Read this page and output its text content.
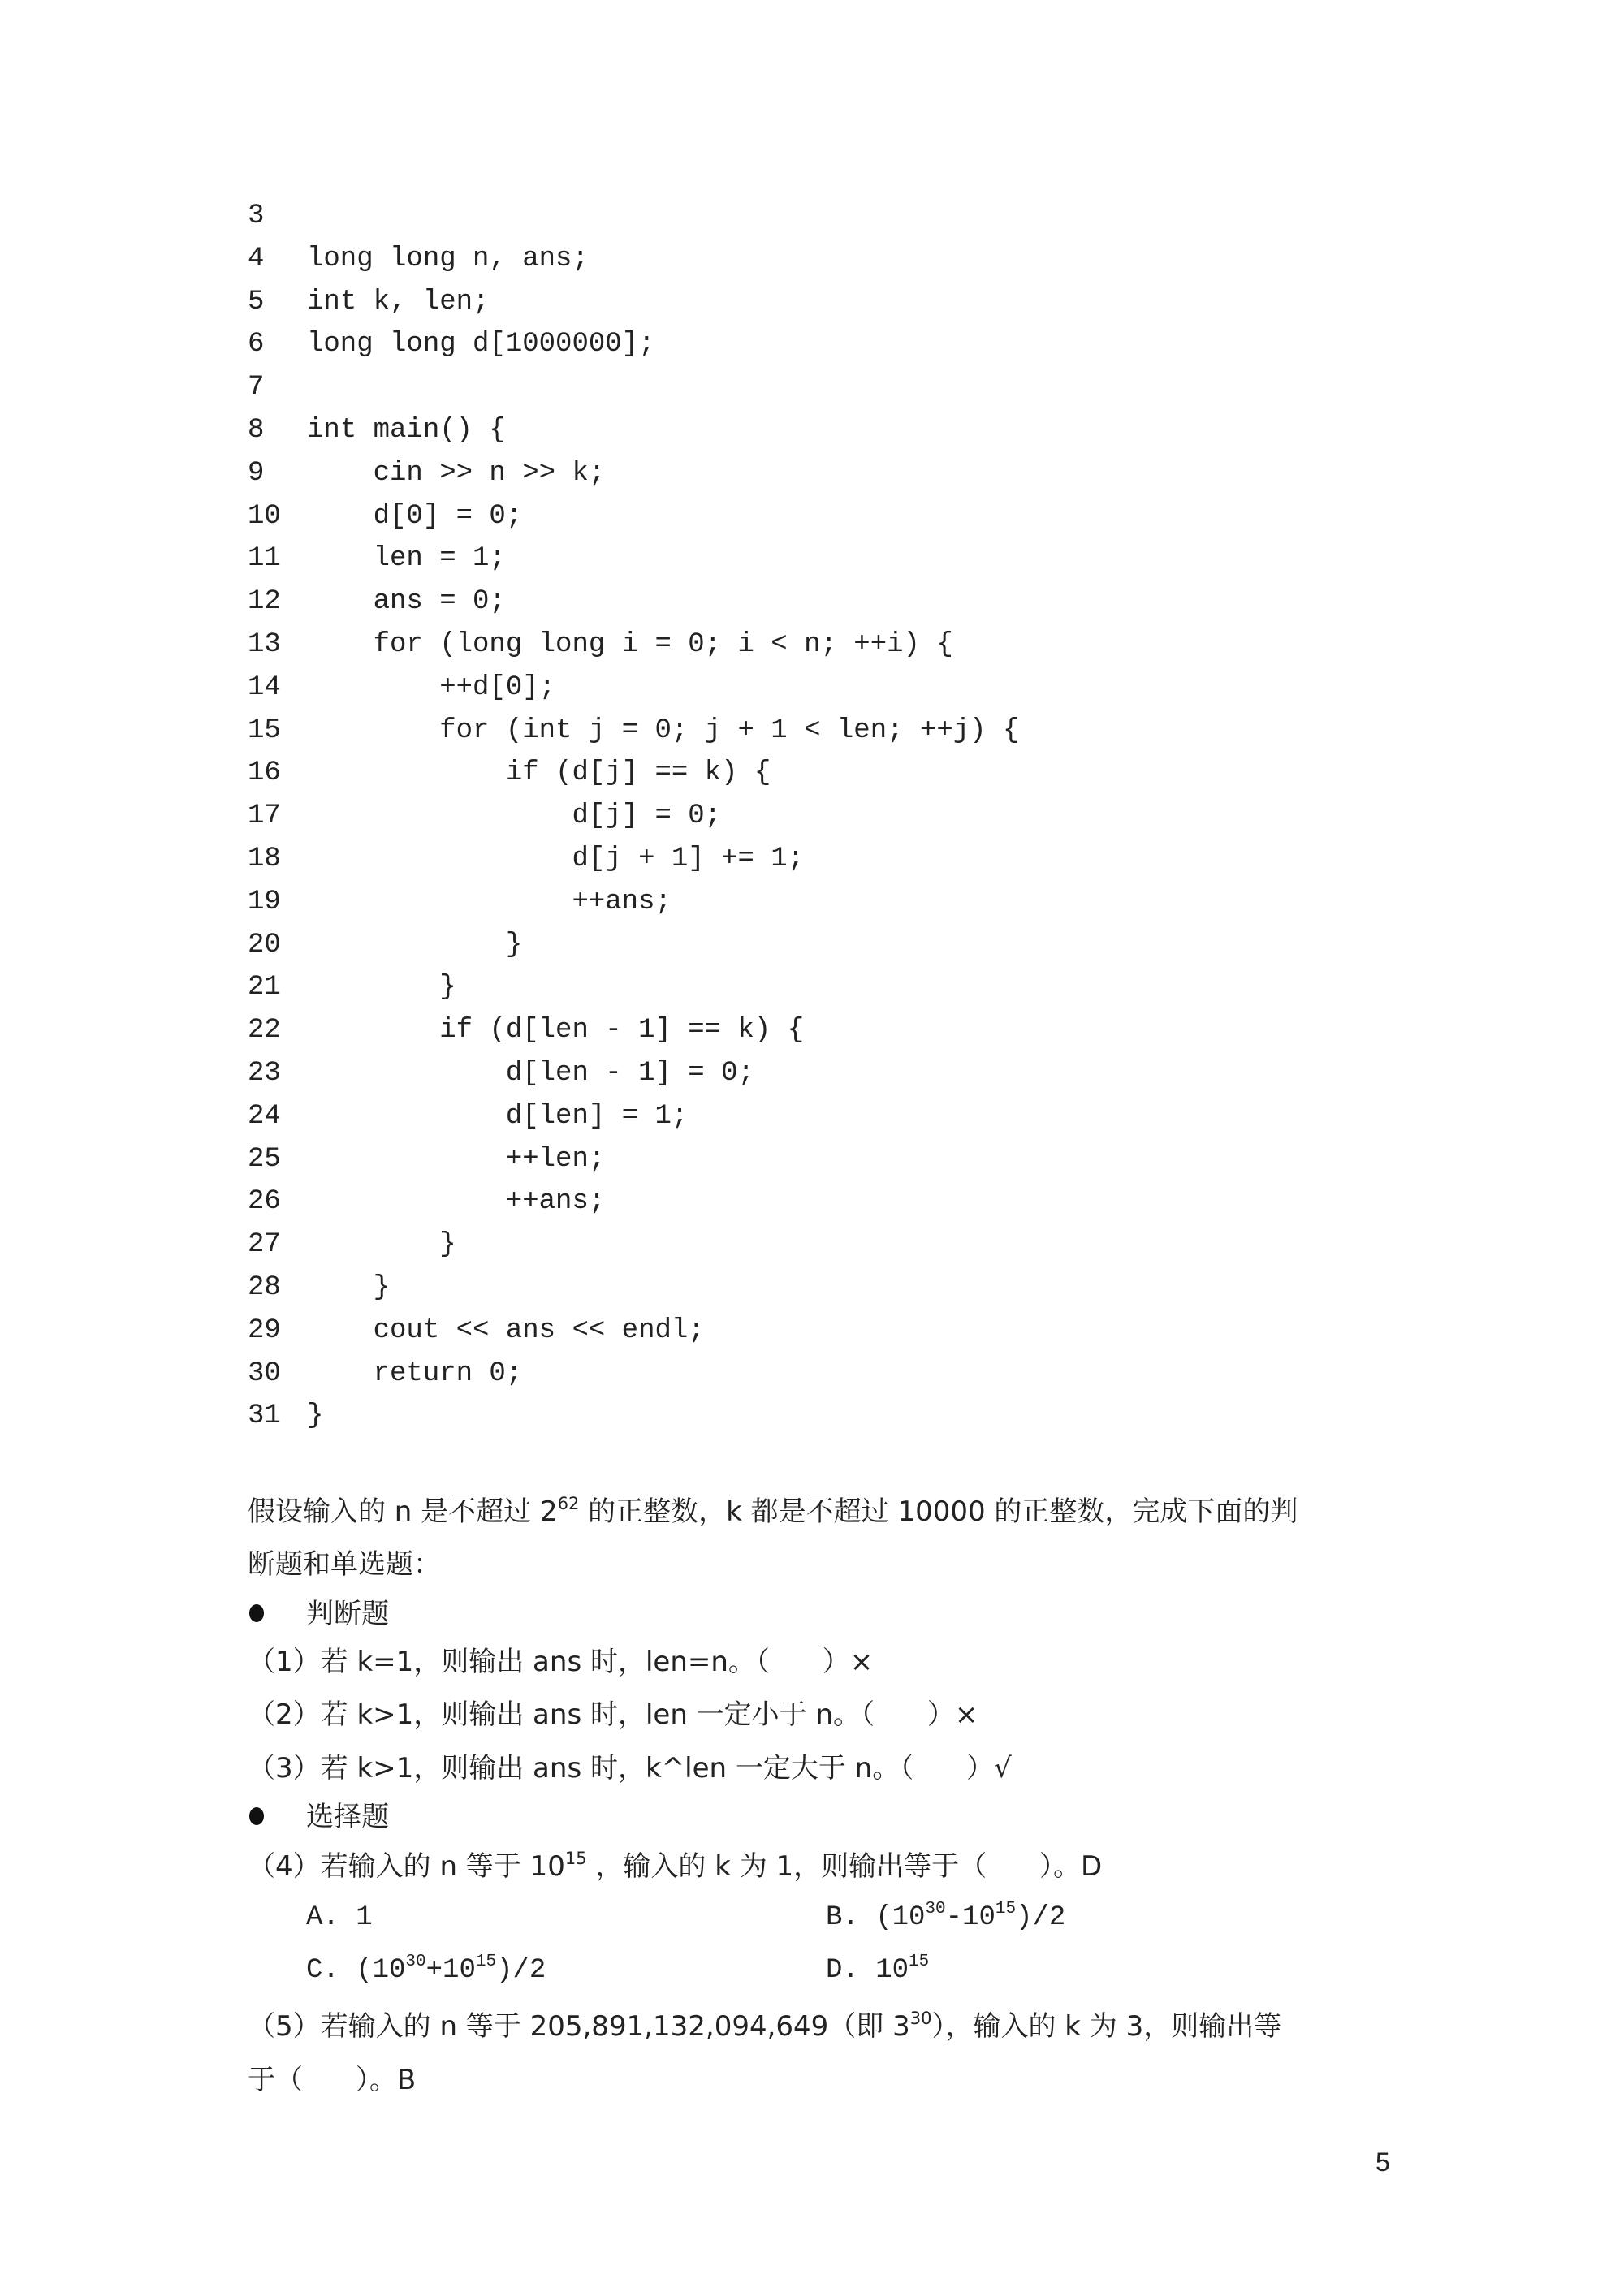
3
4	long long n, ans;
5	int k, len;
6	long long d[1000000];
7
8	int main() {
9	cin >> n >> k;
10 d[0] = 0;
11 len = 1;
12 ans = 0;
13 for (long long i = 0; i < n; ++i) {
14 ++d[0];
15 for (int j = 0; j + 1 < len; ++j) {
16 if (d[j] == k) {
17 d[j] = 0;
18 d[j + 1] += 1;
19 ++ans;
20 }
21 }
22 if (d[len - 1] == k) {
23 d[len - 1] = 0;
24 d[len] = 1;
25 ++len;
26 ++ans;
27 }
28 }
29 cout << ans << endl;
30 return 0;
31 }
假设输入的 n 是不超过 $2^{62}$ 的正整数，k 都是不超过 10000 的正整数，完成下面的判
断题和单选题：
判断题
（1）若 k=1，则输出 ans 时，len=n。（      ）×
（2）若 k>1，则输出 ans 时，len 一定小于 n。（      ）×
（3）若 k>1，则输出 ans 时，k^len 一定大于 n。（      ）√
选择题
（4）若输入的 n 等于 $10^{15}$ ，输入的 k 为 1，则输出等于（      ）。D
A. 1	B. $(10^{30}-10^{15})/2$
C. $(10^{30}+10^{15})/2$	D. $10^{15}$
（5）若输入的 n 等于 205,891,132,094,649（即 $3^{30}$），输入的 k 为 3，则输出等
于（      ）。B
5
